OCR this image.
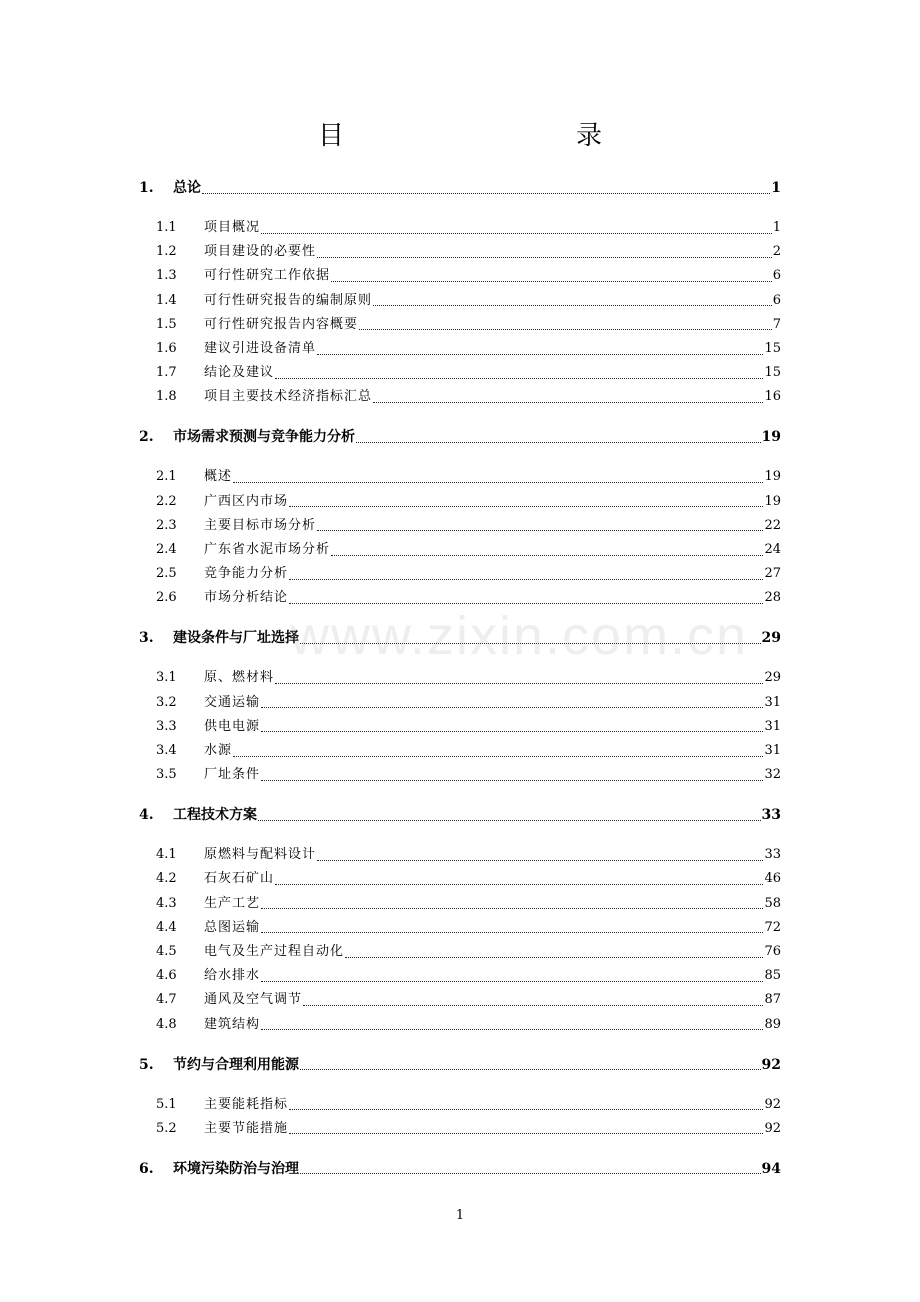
目　　录
1.	总论	1
1.1	项目概况	1
1.2	项目建设的必要性	2
1.3	可行性研究工作依据	6
1.4	可行性研究报告的编制原则	6
1.5	可行性研究报告内容概要	7
1.6	建议引进设备清单	15
1.7	结论及建议	15
1.8	项目主要技术经济指标汇总	16
2.	市场需求预测与竞争能力分析	19
2.1	概述	19
2.2	广西区内市场	19
2.3	主要目标市场分析	22
2.4	广东省水泥市场分析	24
2.5	竞争能力分析	27
2.6	市场分析结论	28
3.	建设条件与厂址选择	29
3.1	原、燃材料	29
3.2	交通运输	31
3.3	供电电源	31
3.4	水源	31
3.5	厂址条件	32
4.	工程技术方案	33
4.1	原燃料与配料设计	33
4.2	石灰石矿山	46
4.3	生产工艺	58
4.4	总图运输	72
4.5	电气及生产过程自动化	76
4.6	给水排水	85
4.7	通风及空气调节	87
4.8	建筑结构	89
5.	节约与合理利用能源	92
5.1	主要能耗指标	92
5.2	主要节能措施	92
6.	环境污染防治与治理	94
www.zixin.com.cn
1
